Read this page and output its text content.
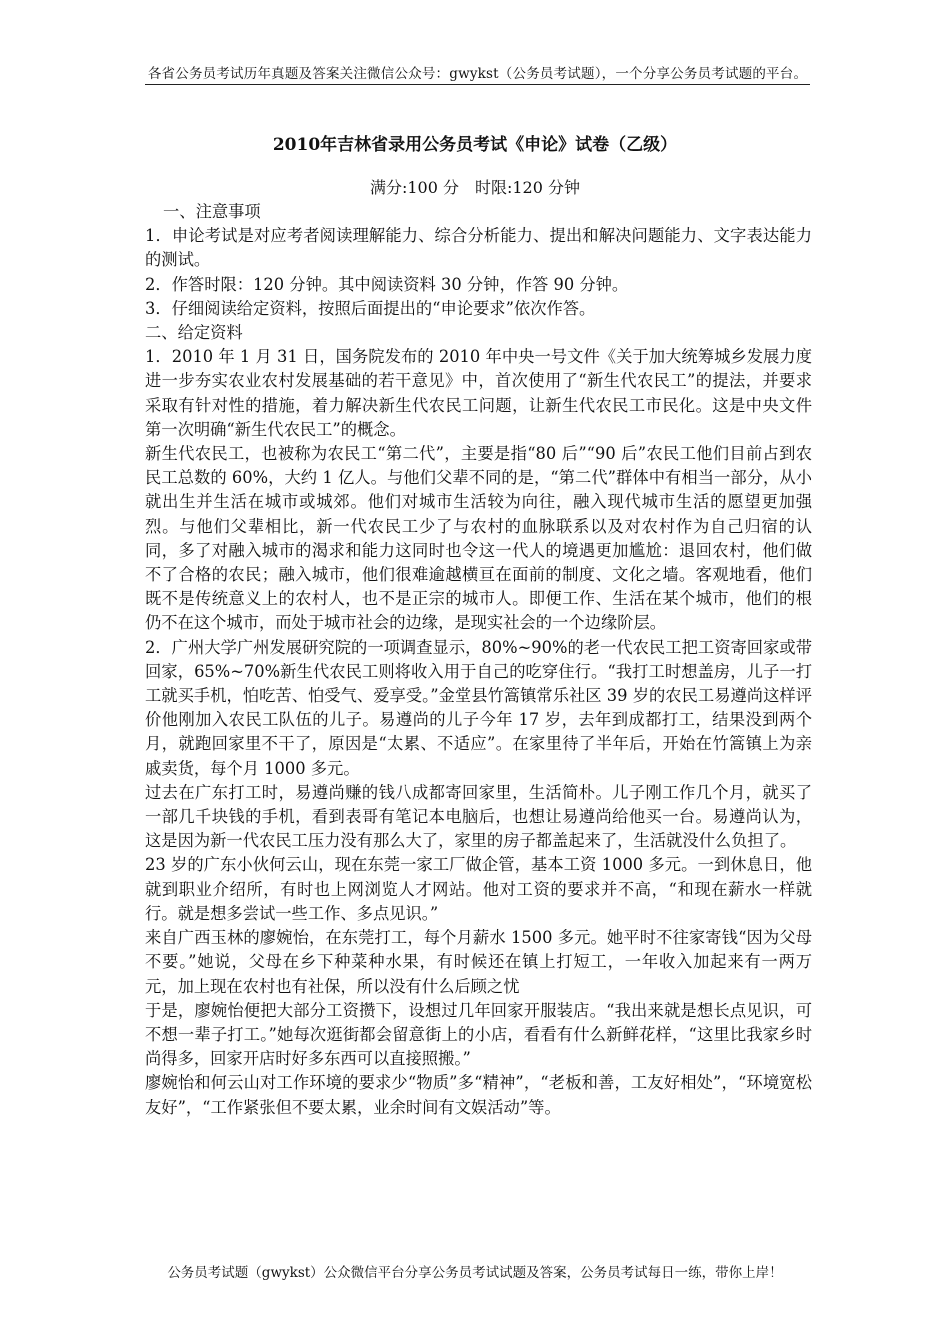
各省公务员考试历年真题及答案关注微信公众号：gwykst（公务员考试题），一个分享公务员考试题的平台。
2010年吉林省录用公务员考试《申论》试卷（乙级）
满分:100 分　时限:120 分钟

一、注意事项

1．申论考试是对应考者阅读理解能力、综合分析能力、提出和解决问题能力、文字表达能力的测试。

2．作答时限：120 分钟。其中阅读资料 30 分钟，作答 90 分钟。

3．仔细阅读给定资料，按照后面提出的“申论要求”依次作答。

二、给定资料

1．2010 年 1 月 31 日，国务院发布的 2010 年中央一号文件《关于加大统筹城乡发展力度进一步夯实农业农村发展基础的若干意见》中，首次使用了“新生代农民工”的提法，并要求采取有针对性的措施，着力解决新生代农民工问题，让新生代农民工市民化。这是中央文件第一次明确“新生代农民工”的概念。

新生代农民工，也被称为农民工“第二代”，主要是指“80 后”“90 后”农民工他们目前占到农民工总数的 60%，大约 1 亿人。与他们父辈不同的是，“第二代”群体中有相当一部分，从小就出生并生活在城市或城郊。他们对城市生活较为向往，融入现代城市生活的愿望更加强烈。与他们父辈相比，新一代农民工少了与农村的血脉联系以及对农村作为自己归宿的认同，多了对融入城市的渴求和能力这同时也令这一代人的境遇更加尴尬：退回农村，他们做不了合格的农民；融入城市，他们很难逾越横亘在面前的制度、文化之墙。客观地看，他们既不是传统意义上的农村人，也不是正宗的城市人。即便工作、生活在某个城市，他们的根仍不在这个城市，而处于城市社会的边缘，是现实社会的一个边缘阶层。

2．广州大学广州发展研究院的一项调查显示，80%~90%的老一代农民工把工资寄回家或带回家，65%~70%新生代农民工则将收入用于自己的吃穿住行。“我打工时想盖房，儿子一打工就买手机，怕吃苦、怕受气、爱享受。”金堂县竹篙镇常乐社区 39 岁的农民工易遵尚这样评价他刚加入农民工队伍的儿子。易遵尚的儿子今年 17 岁，去年到成都打工，结果没到两个月，就跑回家里不干了，原因是“太累、不适应”。在家里待了半年后，开始在竹篙镇上为亲戚卖货，每个月 1000 多元。

过去在广东打工时，易遵尚赚的钱八成都寄回家里，生活简朴。儿子刚工作几个月，就买了一部几千块钱的手机，看到表哥有笔记本电脑后，也想让易遵尚给他买一台。易遵尚认为，这是因为新一代农民工压力没有那么大了，家里的房子都盖起来了，生活就没什么负担了。

23 岁的广东小伙何云山，现在东莞一家工厂做企管，基本工资 1000 多元。一到休息日，他就到职业介绍所，有时也上网浏览人才网站。他对工资的要求并不高，“和现在薪水一样就行。就是想多尝试一些工作、多点见识。”

来自广西玉林的廖婉怡，在东莞打工，每个月薪水 1500 多元。她平时不往家寄钱“因为父母不要。”她说，父母在乡下种菜种水果，有时候还在镇上打短工，一年收入加起来有一两万元，加上现在农村也有社保，所以没有什么后顾之忧

于是，廖婉怡便把大部分工资攒下，设想过几年回家开服装店。“我出来就是想长点见识，可不想一辈子打工。”她每次逛街都会留意街上的小店，看看有什么新鲜花样，“这里比我家乡时尚得多，回家开店时好多东西可以直接照搬。”

廖婉怡和何云山对工作环境的要求少“物质”多“精神”，“老板和善，工友好相处”，“环境宽松友好”，“工作紧张但不要太累，业余时间有文娱活动”等。

公务员考试题（gwykst）公众微信平台分享公务员考试试题及答案，公务员考试每日一练，带你上岸！
